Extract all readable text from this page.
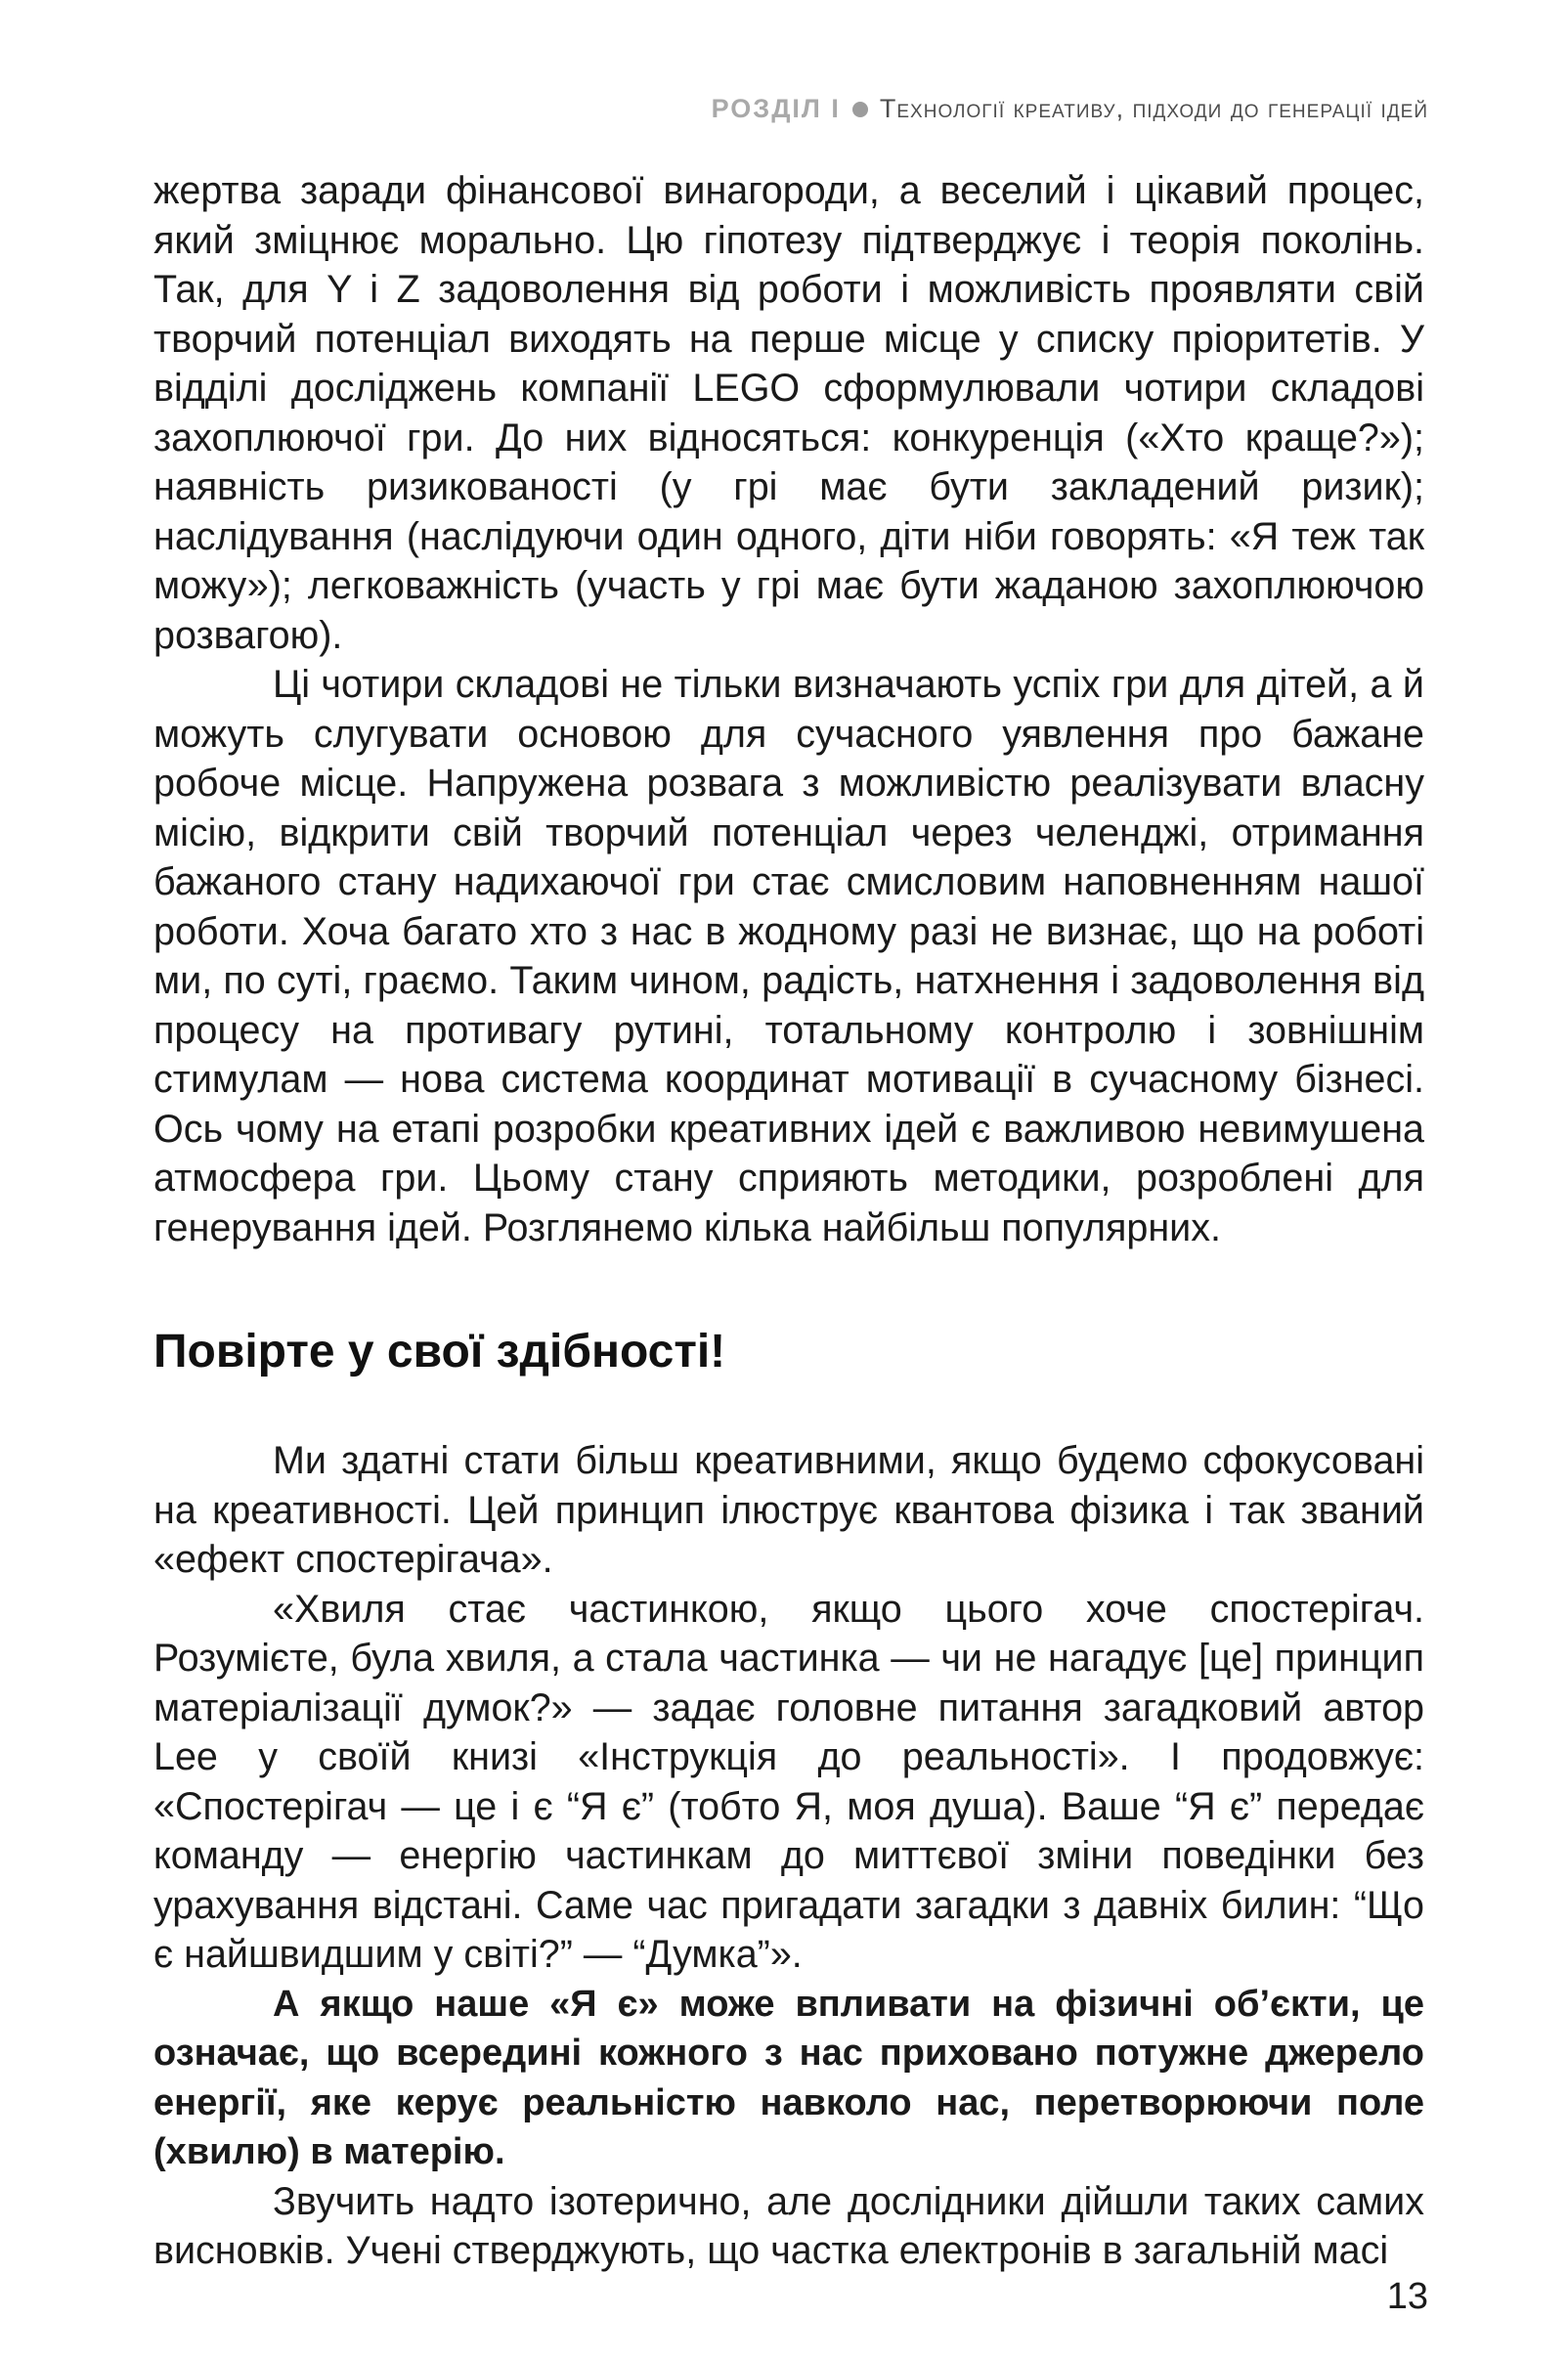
РОЗДІЛ І Технології креативу, підходи до генерації ідей

жертва заради фінансової винагороди, а веселий і цікавий процес, який зміцнює морально. Цю гіпотезу підтверджує і теорія поколінь. Так, для Y і Z задоволення від роботи і можливість проявляти свій творчий потенціал виходять на перше місце у списку пріоритетів. У відділі досліджень компанії LEGO сформулювали чотири складові захоплюючої гри. До них відносяться: конкуренція («Хто краще?»); наявність ризикованості (у грі має бути закладений ризик); наслідування (наслідуючи один одного, діти ніби говорять: «Я теж так можу»); легковажність (участь у грі має бути жаданою захоплюючою розвагою).

Ці чотири складові не тільки визначають успіх гри для дітей, а й можуть слугувати основою для сучасного уявлення про бажане робоче місце. Напружена розвага з можливістю реалізувати власну місію, відкрити свій творчий потенціал через челенджі, отримання бажаного стану надихаючої гри стає смисловим наповненням нашої роботи. Хоча багато хто з нас в жодному разі не визнає, що на роботі ми, по суті, граємо. Таким чином, радість, натхнення і задоволення від процесу на противагу рутині, тотальному контролю і зовнішнім стимулам — нова система координат мотивації в сучасному бізнесі. Ось чому на етапі розробки креативних ідей є важливою невимушена атмосфера гри. Цьому стану сприяють методики, розроблені для генерування ідей. Розглянемо кілька найбільш популярних.

Повірте у свої здібності!

Ми здатні стати більш креативними, якщо будемо сфокусовані на креативності. Цей принцип ілюструє квантова фізика і так званий «ефект спостерігача».

«Хвиля стає частинкою, якщо цього хоче спостерігач. Розумієте, була хвиля, а стала частинка — чи не нагадує [це] принцип матеріалізації думок?» — задає головне питання загадковий автор Lee у своїй книзі «Інструкція до реальності». І продовжує: «Спостерігач — це і є “Я є” (тобто Я, моя душа). Ваше “Я є” передає команду — енергію частинкам до миттєвої зміни поведінки без урахування відстані. Саме час пригадати загадки з давніх билин: “Що є найшвидшим у світі?” — “Думка”».

А якщо наше «Я є» може впливати на фізичні об’єкти, це означає, що всередині кожного з нас приховано потужне джерело енергії, яке керує реальністю навколо нас, перетворюючи поле (хвилю) в матерію.

Звучить надто ізотерично, але дослідники дійшли таких самих висновків. Учені стверджують, що частка електронів в загальній масі

13
